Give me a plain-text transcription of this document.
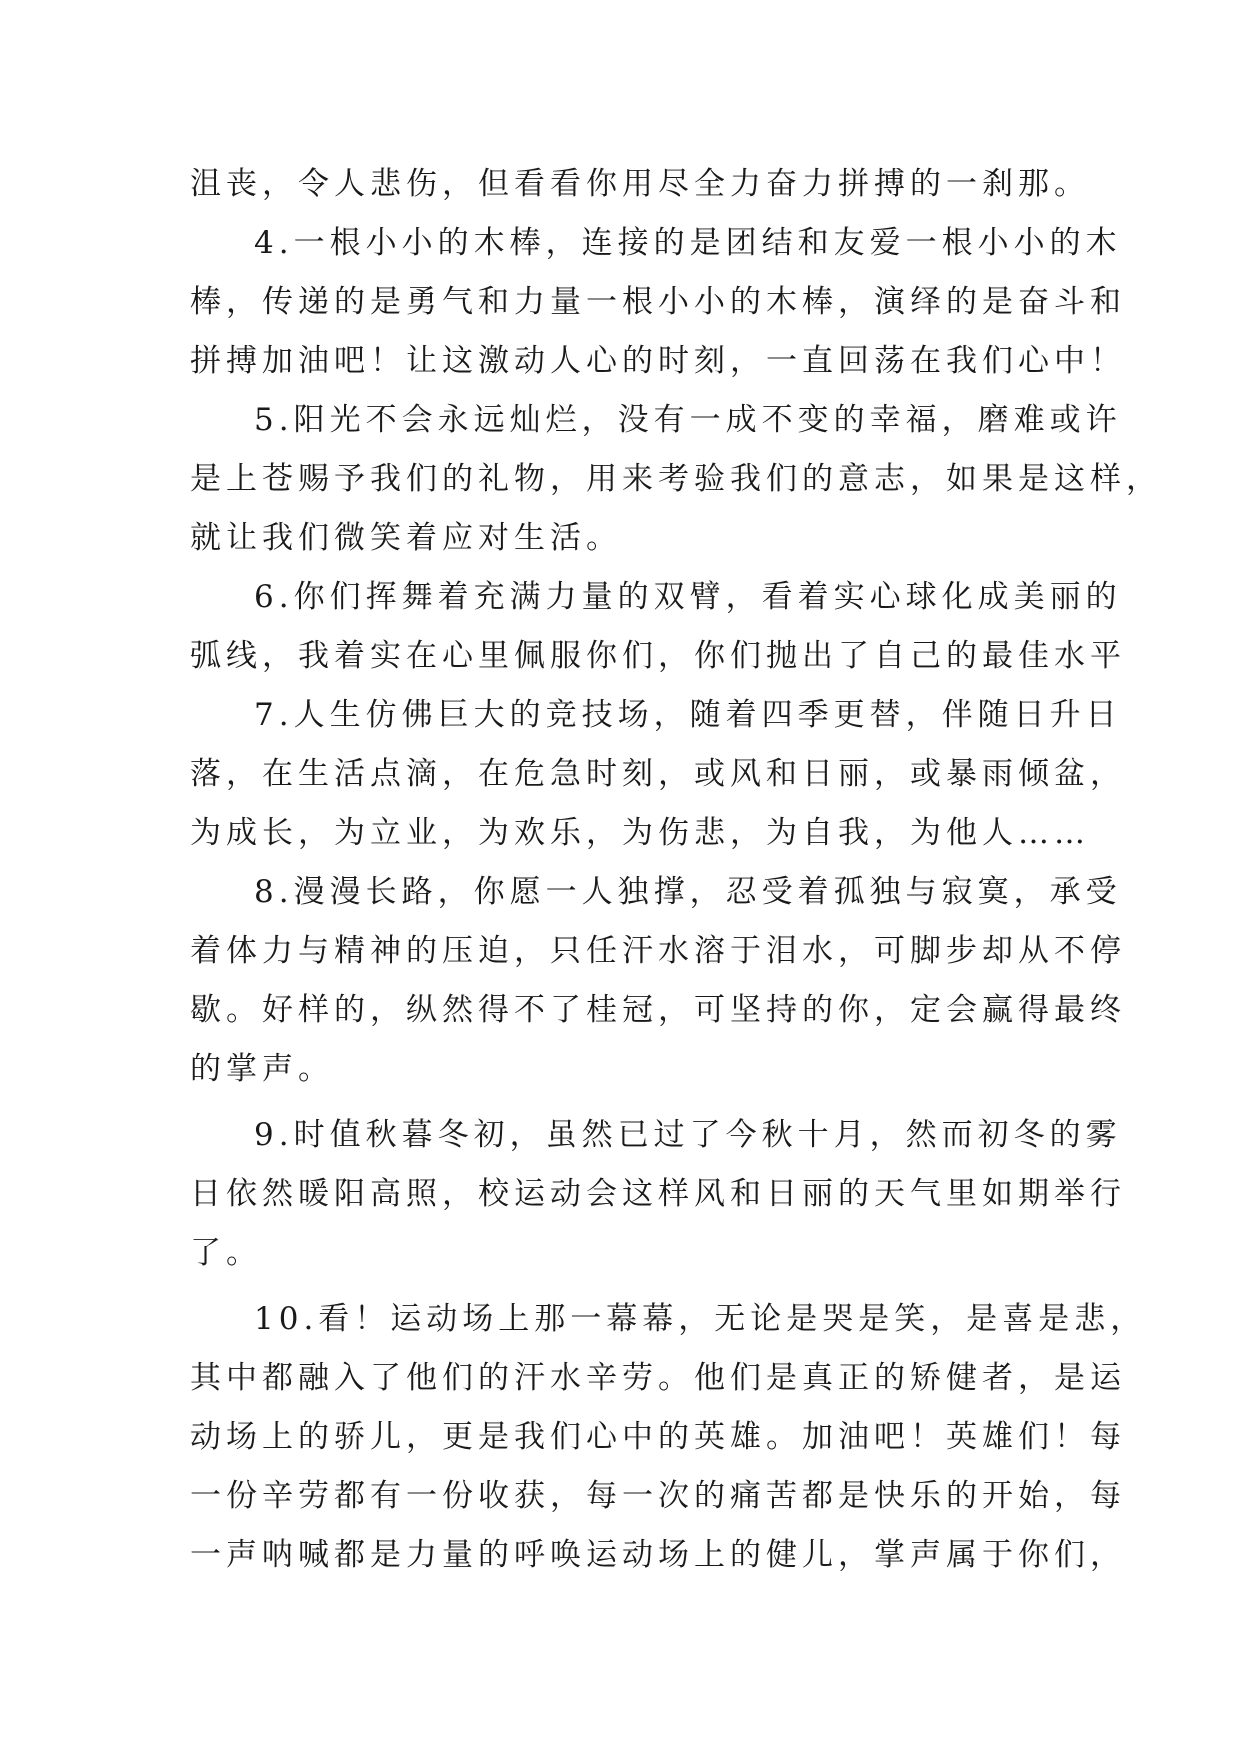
沮丧，令人悲伤，但看看你用尽全力奋力拼搏的一刹那。
4.一根小小的木棒，连接的是团结和友爱一根小小的木
棒，传递的是勇气和力量一根小小的木棒，演绎的是奋斗和
拼搏加油吧！让这激动人心的时刻，一直回荡在我们心中！
5.阳光不会永远灿烂，没有一成不变的幸福，磨难或许
是上苍赐予我们的礼物，用来考验我们的意志，如果是这样，
就让我们微笑着应对生活。
6.你们挥舞着充满力量的双臂，看着实心球化成美丽的
弧线，我着实在心里佩服你们，你们抛出了自己的最佳水平
7.人生仿佛巨大的竞技场，随着四季更替，伴随日升日
落，在生活点滴，在危急时刻，或风和日丽，或暴雨倾盆，
为成长，为立业，为欢乐，为伤悲，为自我，为他人……
8.漫漫长路，你愿一人独撑，忍受着孤独与寂寞，承受
着体力与精神的压迫，只任汗水溶于泪水，可脚步却从不停
歇。好样的，纵然得不了桂冠，可坚持的你，定会赢得最终
的掌声。
9.时值秋暮冬初，虽然已过了今秋十月，然而初冬的雾
日依然暖阳高照，校运动会这样风和日丽的天气里如期举行
了。
10.看！运动场上那一幕幕，无论是哭是笑，是喜是悲，
其中都融入了他们的汗水辛劳。他们是真正的矫健者，是运
动场上的骄儿，更是我们心中的英雄。加油吧！英雄们！每
一份辛劳都有一份收获，每一次的痛苦都是快乐的开始，每
一声呐喊都是力量的呼唤运动场上的健儿，掌声属于你们，
